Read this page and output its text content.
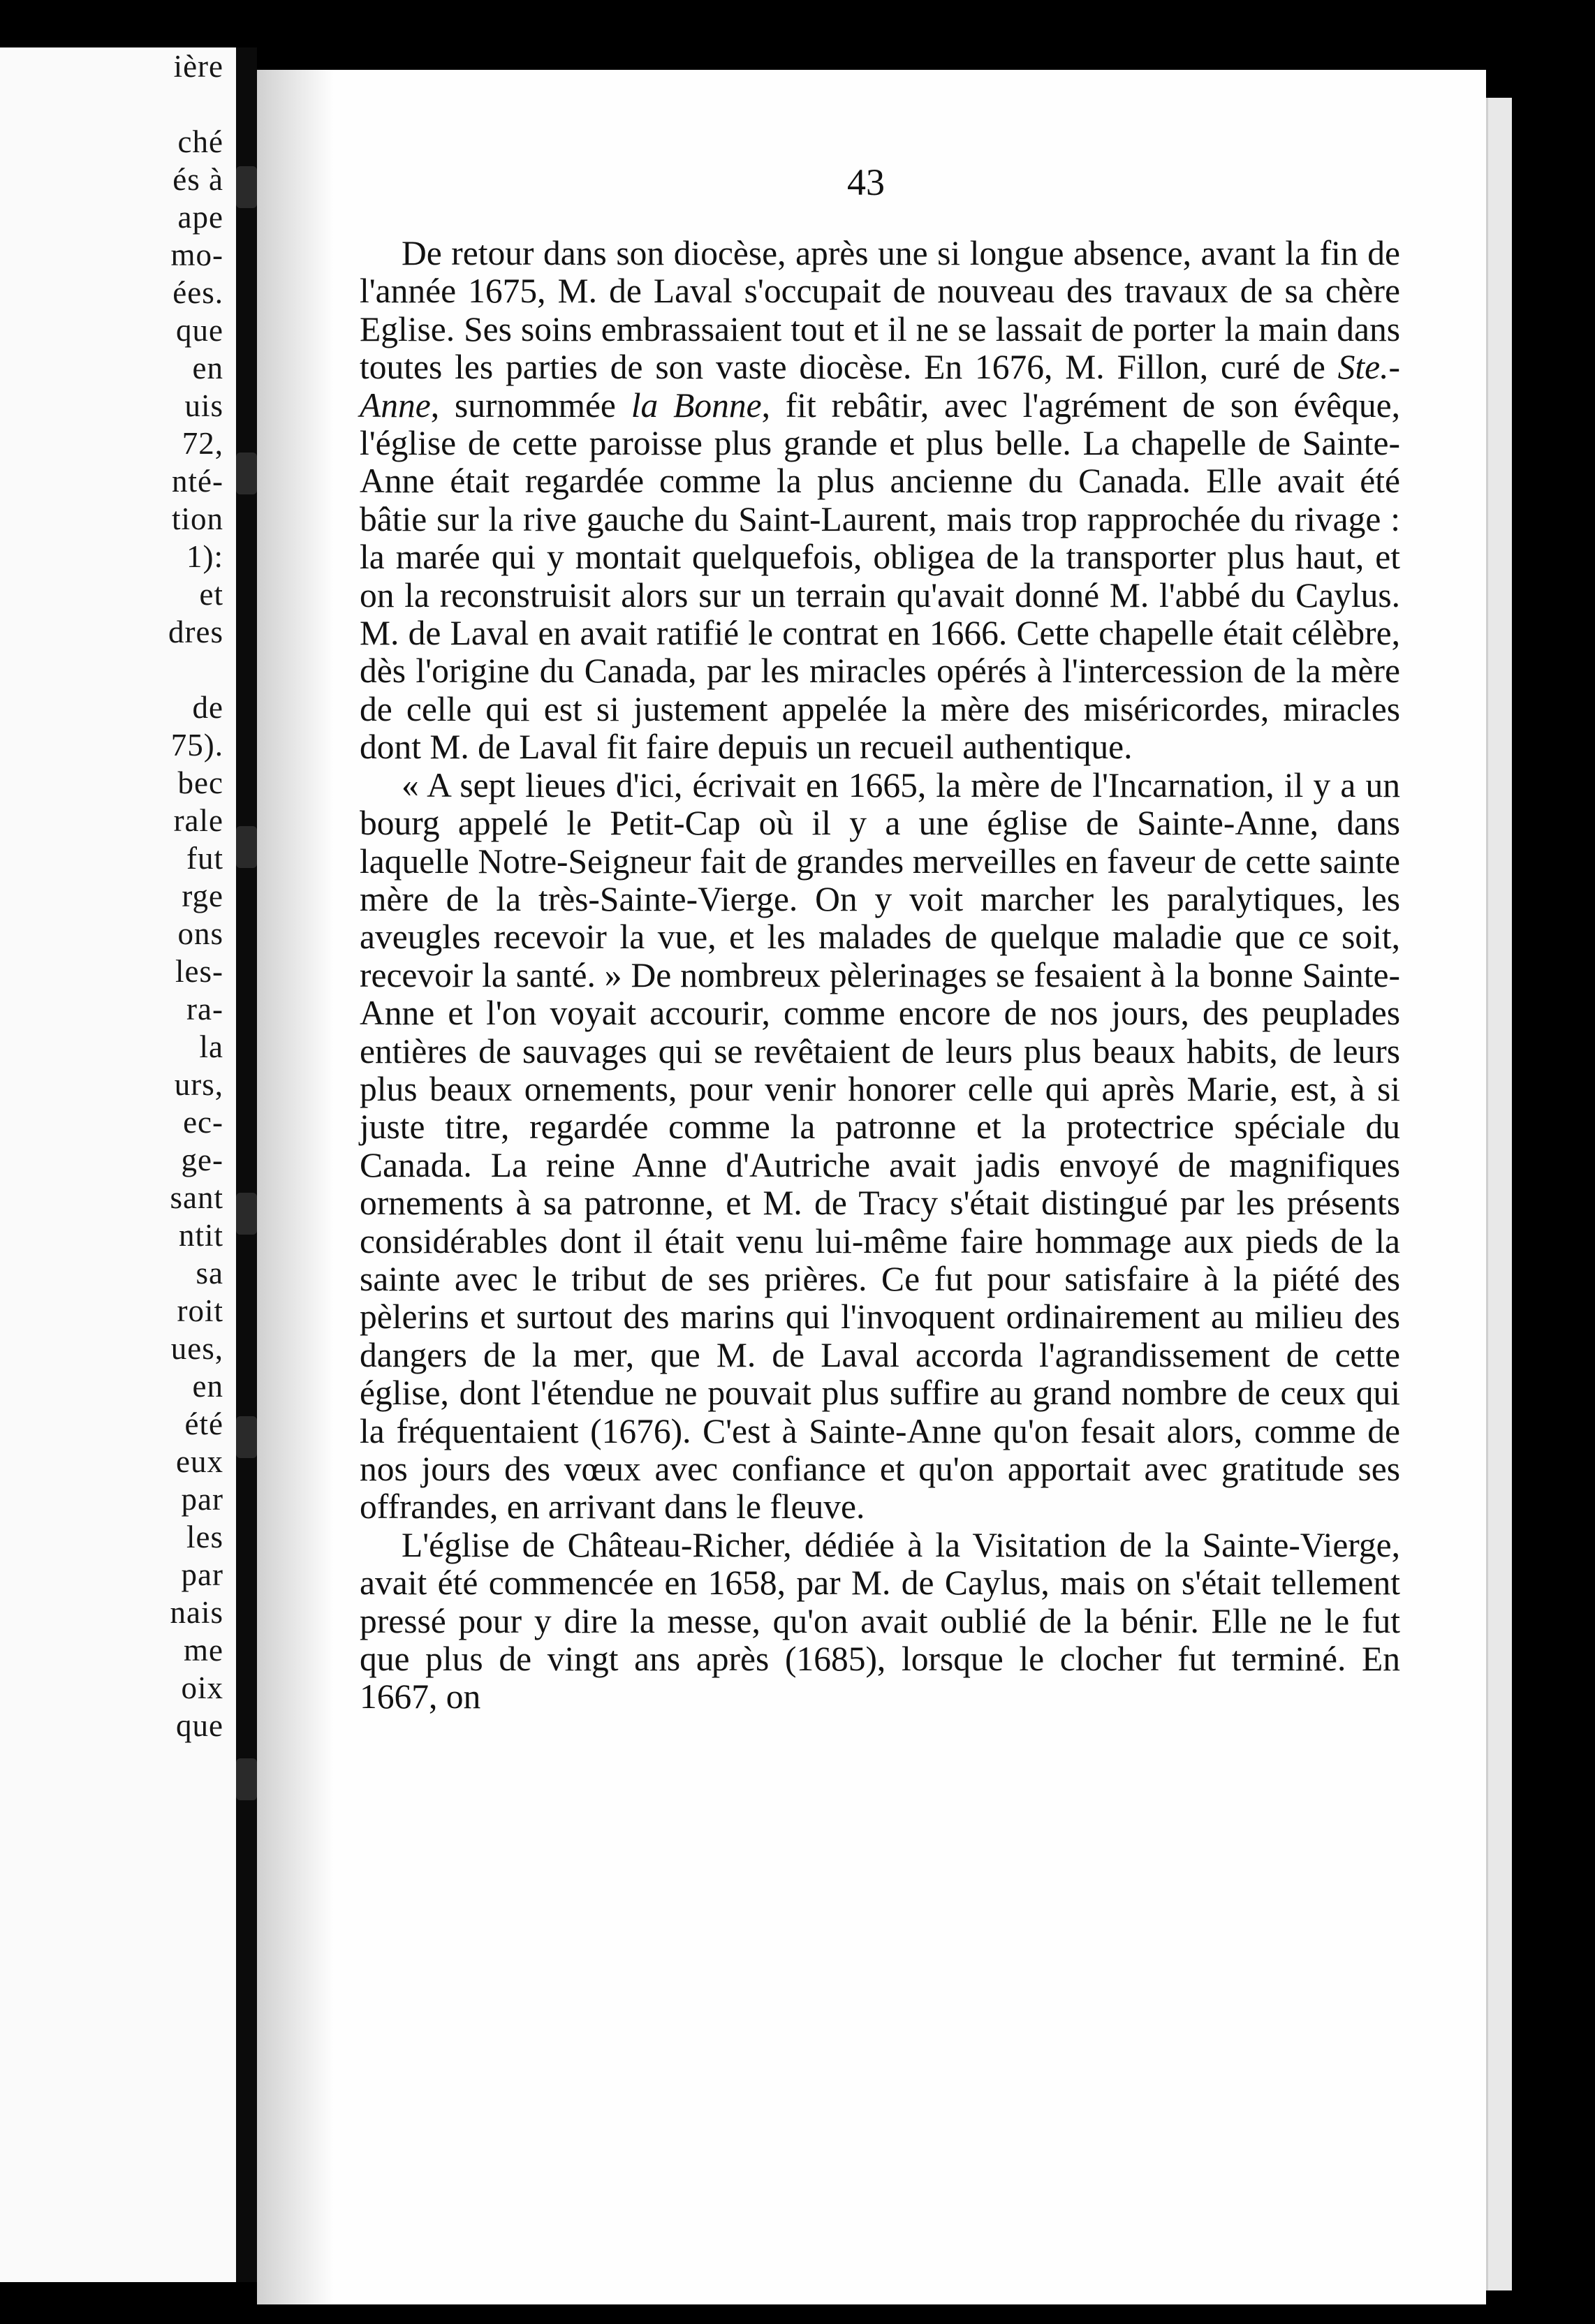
ière

ché
és à
ape
mo-
ées.
que
en
uis
72,
nté-
tion
1):
et
dres

de
75).
bec
rale
fut
rge
ons
les-
ra-
la
urs,
ec-
ge-
sant
ntit
sa
roit
ues,
en
été
eux
par
les
par
nais
me
oix
que
43

De retour dans son diocèse, après une si longue absence, avant la fin de l'année 1675, M. de Laval s'occupait de nouveau des travaux de sa chère Eglise. Ses soins embrassaient tout et il ne se lassait de porter la main dans toutes les parties de son vaste diocèse. En 1676, M. Fillon, curé de Ste.-Anne, surnommée la Bonne, fit rebâtir, avec l'agrément de son évêque, l'église de cette paroisse plus grande et plus belle. La chapelle de Sainte-Anne était regardée comme la plus ancienne du Canada. Elle avait été bâtie sur la rive gauche du Saint-Laurent, mais trop rapprochée du rivage : la marée qui y montait quelquefois, obligea de la transporter plus haut, et on la reconstruisit alors sur un terrain qu'avait donné M. l'abbé du Caylus. M. de Laval en avait ratifié le contrat en 1666. Cette chapelle était célèbre, dès l'origine du Canada, par les miracles opérés à l'intercession de la mère de celle qui est si justement appelée la mère des miséricordes, miracles dont M. de Laval fit faire depuis un recueil authentique.

« A sept lieues d'ici, écrivait en 1665, la mère de l'Incarnation, il y a un bourg appelé le Petit-Cap où il y a une église de Sainte-Anne, dans laquelle Notre-Seigneur fait de grandes merveilles en faveur de cette sainte mère de la très-Sainte-Vierge. On y voit marcher les paralytiques, les aveugles recevoir la vue, et les malades de quelque maladie que ce soit, recevoir la santé. » De nombreux pèlerinages se fesaient à la bonne Sainte-Anne et l'on voyait accourir, comme encore de nos jours, des peuplades entières de sauvages qui se revêtaient de leurs plus beaux habits, de leurs plus beaux ornements, pour venir honorer celle qui après Marie, est, à si juste titre, regardée comme la patronne et la protectrice spéciale du Canada. La reine Anne d'Autriche avait jadis envoyé de magnifiques ornements à sa patronne, et M. de Tracy s'était distingué par les présents considérables dont il était venu lui-même faire hommage aux pieds de la sainte avec le tribut de ses prières. Ce fut pour satisfaire à la piété des pèlerins et surtout des marins qui l'invoquent ordinairement au milieu des dangers de la mer, que M. de Laval accorda l'agrandissement de cette église, dont l'étendue ne pouvait plus suffire au grand nombre de ceux qui la fréquentaient (1676). C'est à Sainte-Anne qu'on fesait alors, comme de nos jours des vœux avec confiance et qu'on apportait avec gratitude ses offrandes, en arrivant dans le fleuve.

L'église de Château-Richer, dédiée à la Visitation de la Sainte-Vierge, avait été commencée en 1658, par M. de Caylus, mais on s'était tellement pressé pour y dire la messe, qu'on avait oublié de la bénir. Elle ne le fut que plus de vingt ans après (1685), lorsque le clocher fut terminé. En 1667, on
